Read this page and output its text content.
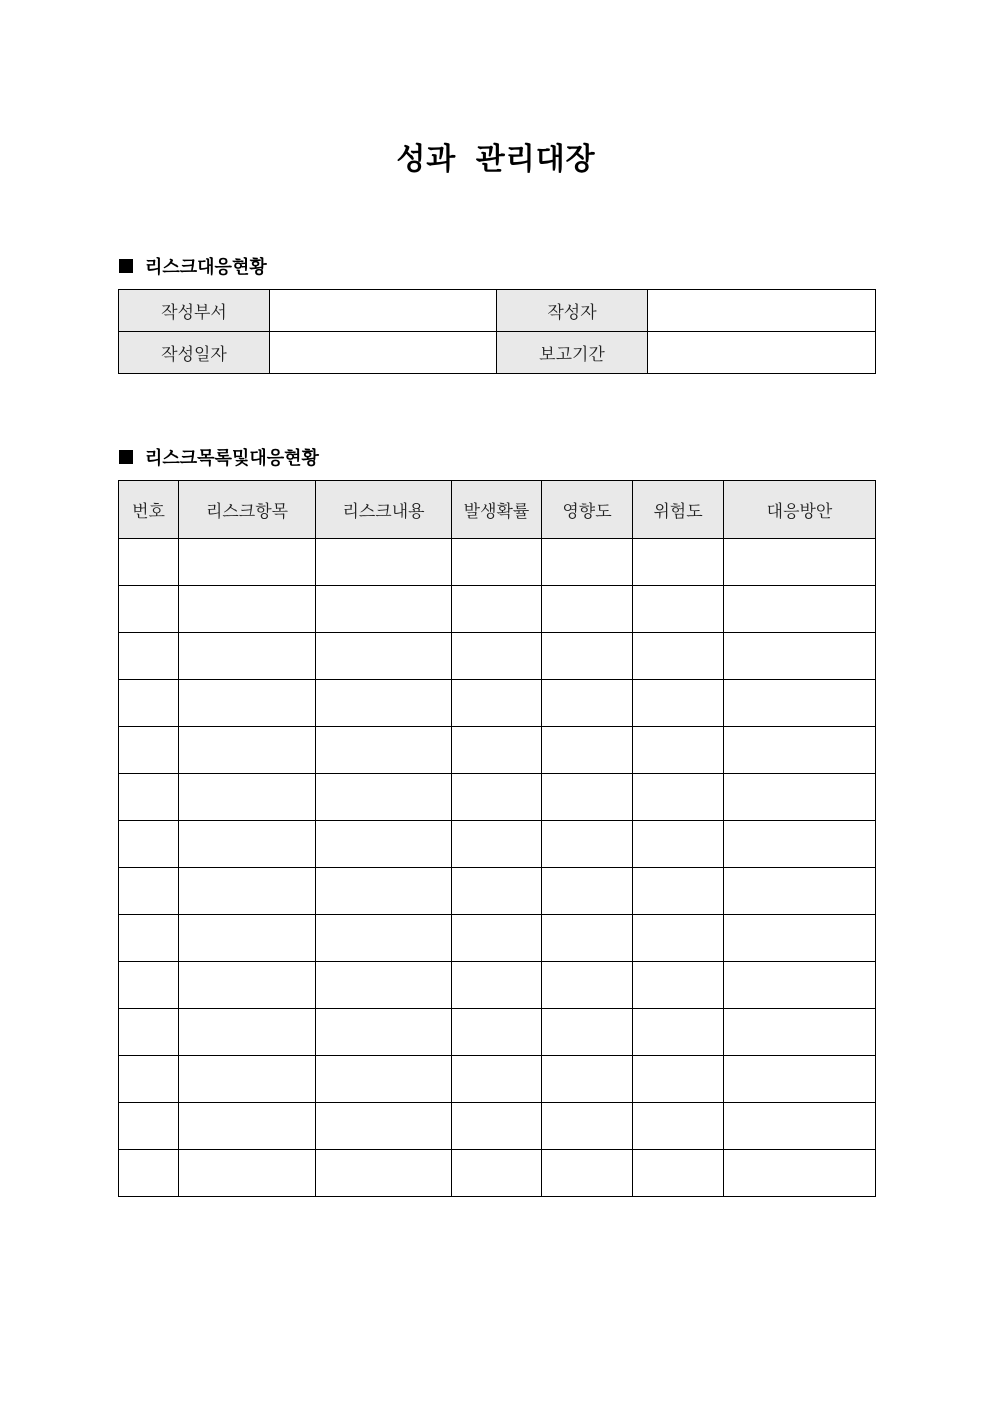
성과 관리대장
리스크대응현황
작성부서		작성자	
작성일자		보고기간	
리스크목록및대응현황
번호	리스크항목	리스크내용	발생확률	영향도	위험도	대응방안
